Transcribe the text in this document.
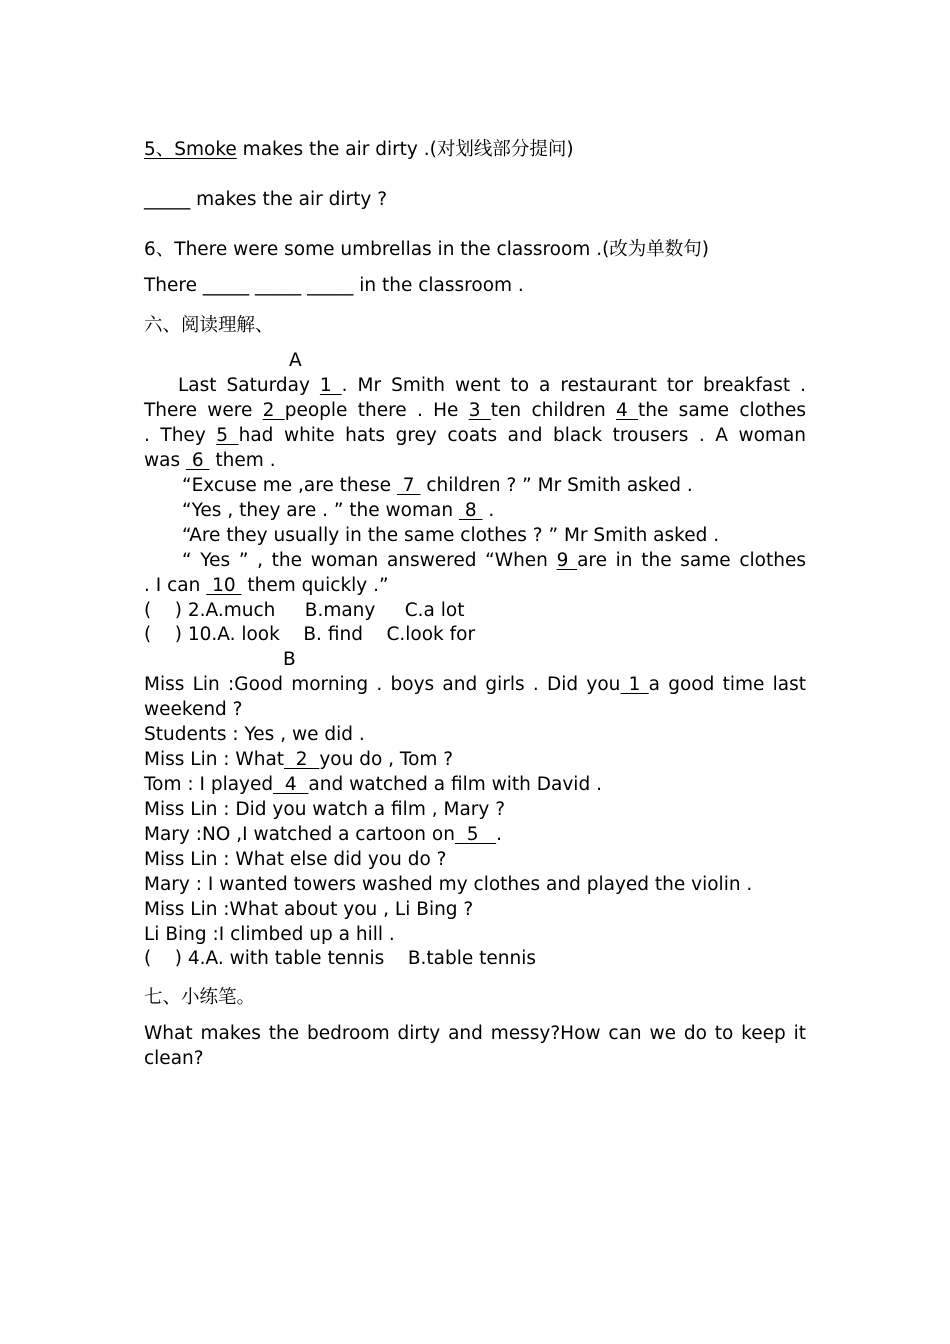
5、Smoke makes the air dirty .(对划线部分提问)
_____ makes the air dirty ?
6、There were some umbrellas in the classroom .(改为单数句)
There _____ _____ _____ in the classroom .
六、阅读理解、
A
Last Saturday 1 . Mr Smith went to a restaurant tor breakfast .
There were 2 people there . He 3 ten children 4 the same clothes
. They 5 had white hats grey coats and black trousers . A woman
was  6  them .
“Excuse me ,are these  7  children ? ” Mr Smith asked .
“Yes , they are . ” the woman  8  .
“Are they usually in the same clothes ? ” Mr Smith asked .
“ Yes ” , the woman answered “When 9 are in the same clothes
. I can  10  them quickly .”
(    ) 2.A.much     B.many     C.a lot
(    ) 10.A. look    B. find    C.look for
B
Miss Lin :Good morning . boys and girls . Did you 1 a good time last
weekend ?
Students : Yes , we did .
Miss Lin : What  2  you do , Tom ?
Tom : I played  4  and watched a film with David .
Miss Lin : Did you watch a film , Mary ?
Mary :NO ,I watched a cartoon on  5   .
Miss Lin : What else did you do ?
Mary : I wanted towers washed my clothes and played the violin .
Miss Lin :What about you , Li Bing ?
Li Bing :I climbed up a hill .
(    ) 4.A. with table tennis    B.table tennis
七、小练笔。
What makes the bedroom dirty and messy?How can we do to keep it
clean?
